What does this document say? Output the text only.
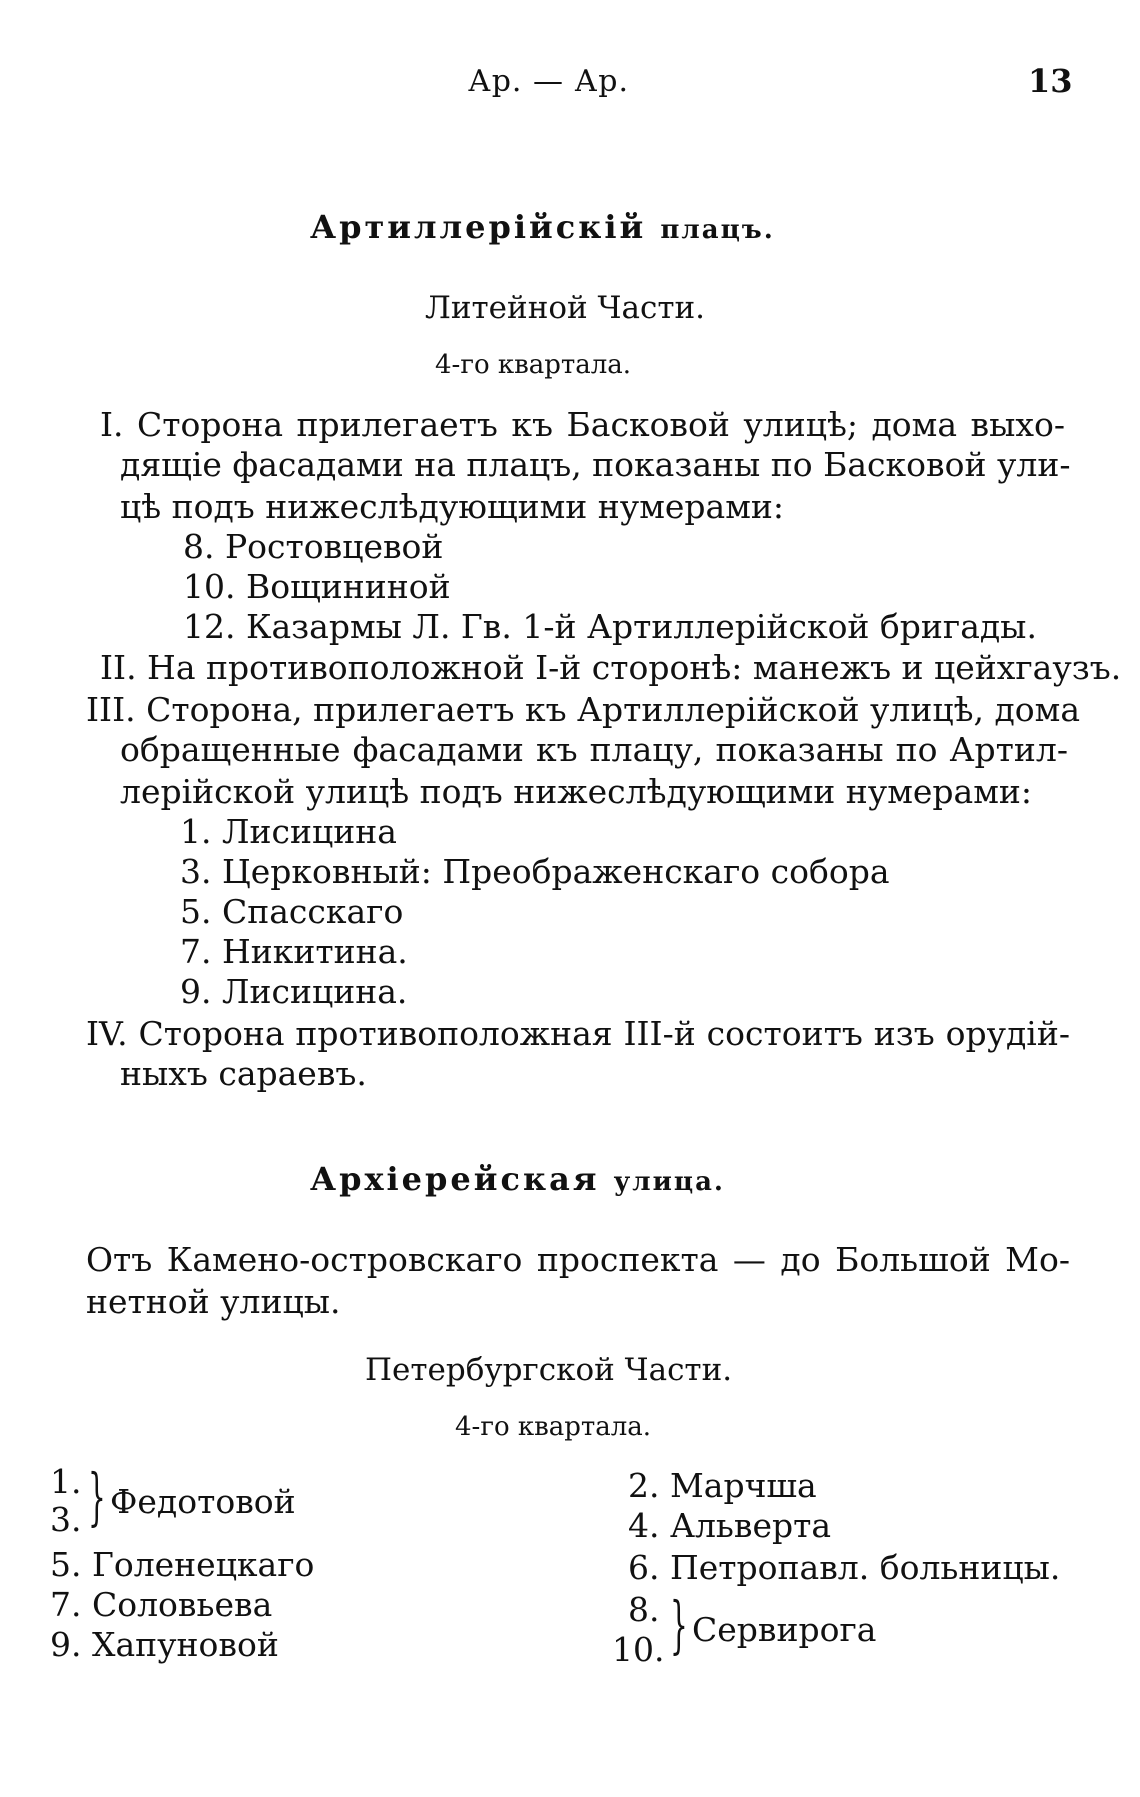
Ар. — Ар.	13
Артиллерійскій плацъ.
Литейной Части.
4-го квартала.
I. Сторона прилегаетъ къ Басковой улицѣ; дома выхо-
дящіе фасадами на плацъ, показаны по Басковой ули-
цѣ подъ нижеслѣдующими нумерами:
8. Ростовцевой
10. Вощининой
12. Казармы Л. Гв. 1-й Артиллерійской бригады.
II. На противоположной I-й сторонѣ: манежъ и цейхгаузъ.
III. Сторона, прилегаетъ къ Артиллерійской улицѣ, дома
обращенные фасадами къ плацу, показаны по Артил-
лерійской улицѣ подъ нижеслѣдующими нумерами:
1. Лисицина
3. Церковный: Преображенскаго собора
5. Спасскаго
7. Никитина.
9. Лисицина.
IV. Сторона противоположная III-й состоитъ изъ орудій-
ныхъ сараевъ.
Архіерейская улица.
Отъ Камено-островскаго проспекта — до Большой Мо-
нетной улицы.
Петербургской Части.
4-го квартала.
1.
3. } Федотовой
5. Голенецкаго
7. Соловьева
9. Хапуновой
2. Марчша
4. Альверта
6. Петропавл. больницы.
8.
10. } Сервирога
